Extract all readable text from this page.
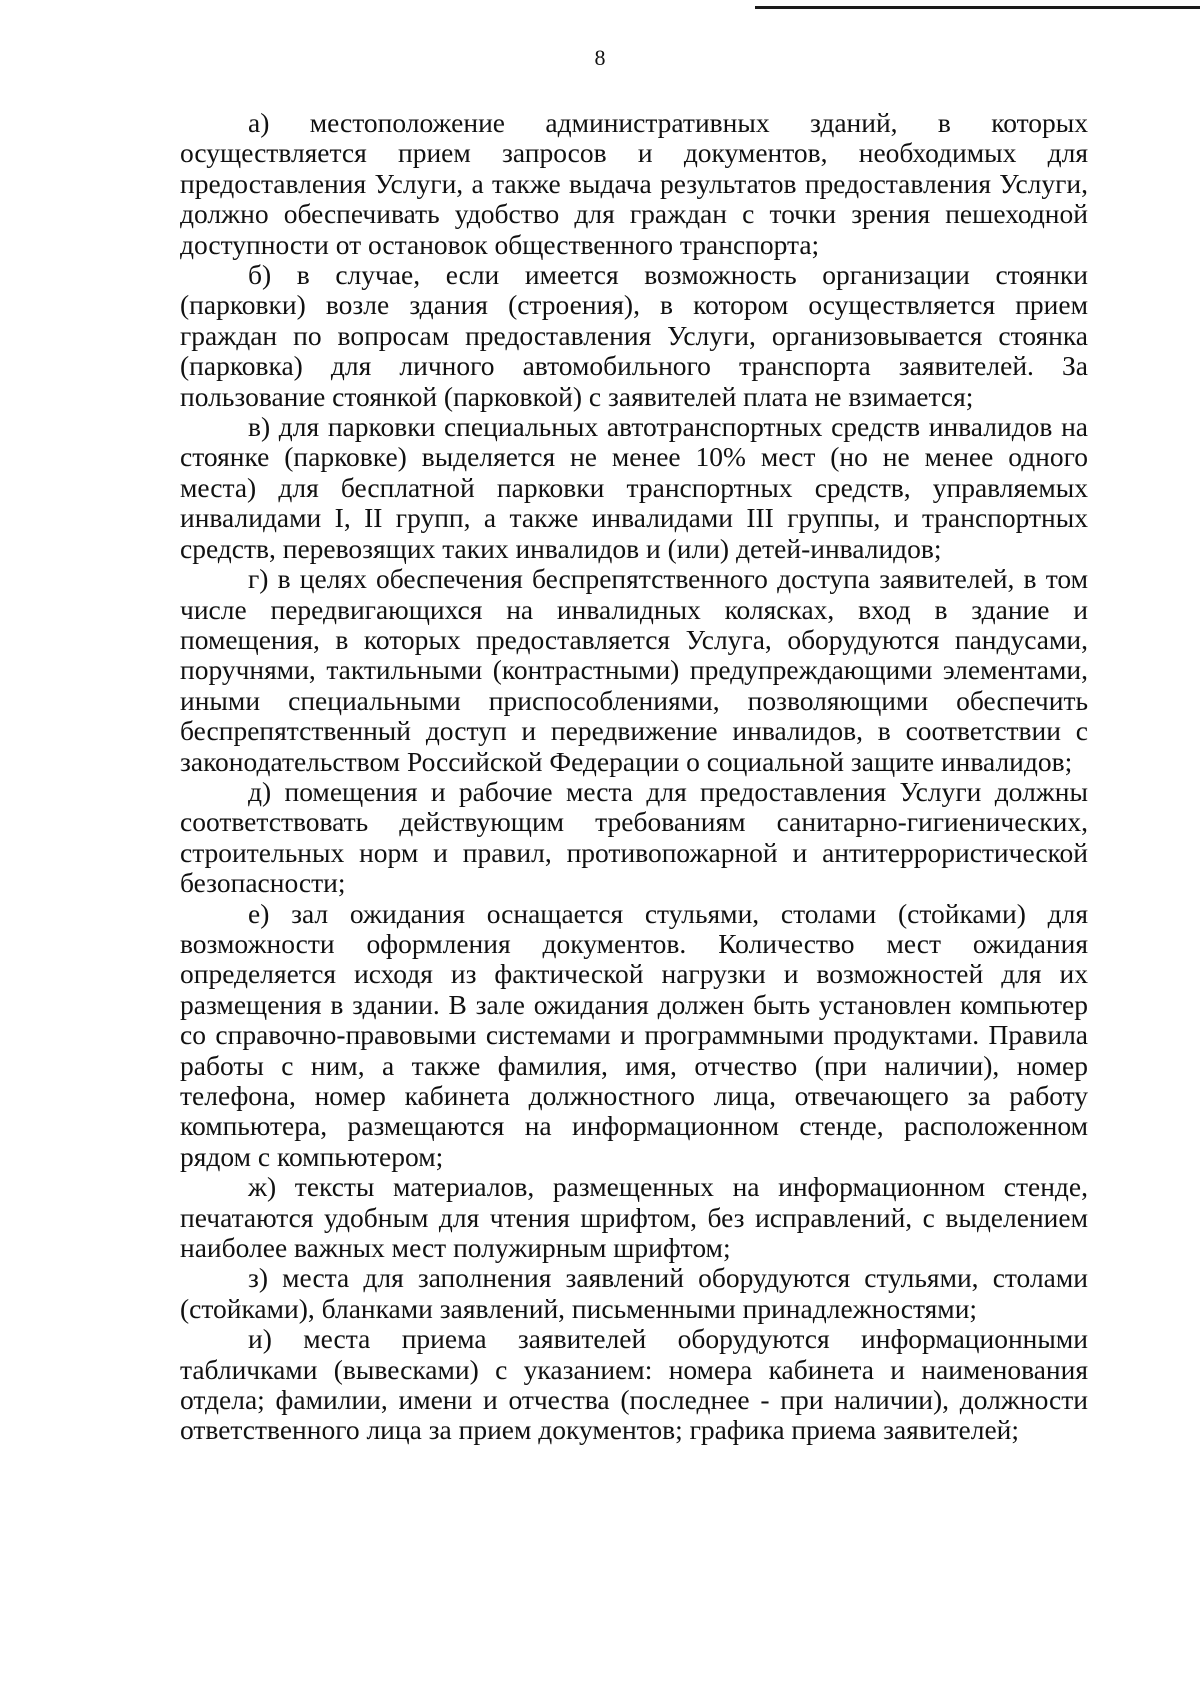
8

а) местоположение административных зданий, в которых осуществляется прием запросов и документов, необходимых для предоставления Услуги, а также выдача результатов предоставления Услуги, должно обеспечивать удобство для граждан с точки зрения пешеходной доступности от остановок общественного транспорта;

б) в случае, если имеется возможность организации стоянки (парковки) возле здания (строения), в котором осуществляется прием граждан по вопросам предоставления Услуги, организовывается стоянка (парковка) для личного автомобильного транспорта заявителей. За пользование стоянкой (парковкой) с заявителей плата не взимается;

в) для парковки специальных автотранспортных средств инвалидов на стоянке (парковке) выделяется не менее 10% мест (но не менее одного места) для бесплатной парковки транспортных средств, управляемых инвалидами I, II групп, а также инвалидами III группы, и транспортных средств, перевозящих таких инвалидов и (или) детей-инвалидов;

г) в целях обеспечения беспрепятственного доступа заявителей, в том числе передвигающихся на инвалидных колясках, вход в здание и помещения, в которых предоставляется Услуга, оборудуются пандусами, поручнями, тактильными (контрастными) предупреждающими элементами, иными специальными приспособлениями, позволяющими обеспечить беспрепятственный доступ и передвижение инвалидов, в соответствии с законодательством Российской Федерации о социальной защите инвалидов;

д) помещения и рабочие места для предоставления Услуги должны соответствовать действующим требованиям санитарно-гигиенических, строительных норм и правил, противопожарной и антитеррористической безопасности;

е) зал ожидания оснащается стульями, столами (стойками) для возможности оформления документов. Количество мест ожидания определяется исходя из фактической нагрузки и возможностей для их размещения в здании. В зале ожидания должен быть установлен компьютер со справочно-правовыми системами и программными продуктами. Правила работы с ним, а также фамилия, имя, отчество (при наличии), номер телефона, номер кабинета должностного лица, отвечающего за работу компьютера, размещаются на информационном стенде, расположенном рядом с компьютером;

ж) тексты материалов, размещенных на информационном стенде, печатаются удобным для чтения шрифтом, без исправлений, с выделением наиболее важных мест полужирным шрифтом;

з) места для заполнения заявлений оборудуются стульями, столами (стойками), бланками заявлений, письменными принадлежностями;

и) места приема заявителей оборудуются информационными табличками (вывесками) с указанием: номера кабинета и наименования отдела; фамилии, имени и отчества (последнее - при наличии), должности ответственного лица за прием документов; графика приема заявителей;
